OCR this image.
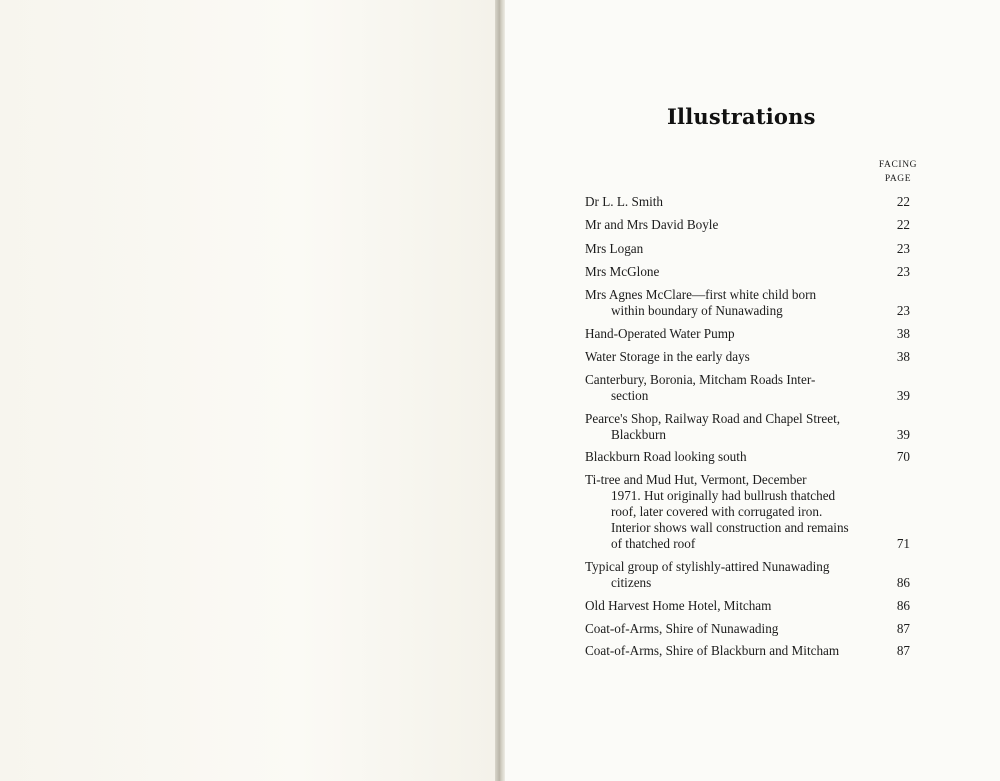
Illustrations
FACING
PAGE
Dr L. L. Smith	22
Mr and Mrs David Boyle	22
Mrs Logan	23
Mrs McGlone	23
Mrs Agnes McClare—first white child born
within boundary of Nunawading	23
Hand-Operated Water Pump	38
Water Storage in the early days	38
Canterbury, Boronia, Mitcham Roads Inter-
section	39
Pearce's Shop, Railway Road and Chapel Street,
Blackburn	39
Blackburn Road looking south	70
Ti-tree and Mud Hut, Vermont, December
1971. Hut originally had bullrush thatched
roof, later covered with corrugated iron.
Interior shows wall construction and remains
of thatched roof	71
Typical group of stylishly-attired Nunawading
citizens	86
Old Harvest Home Hotel, Mitcham	86
Coat-of-Arms, Shire of Nunawading	87
Coat-of-Arms, Shire of Blackburn and Mitcham	87
